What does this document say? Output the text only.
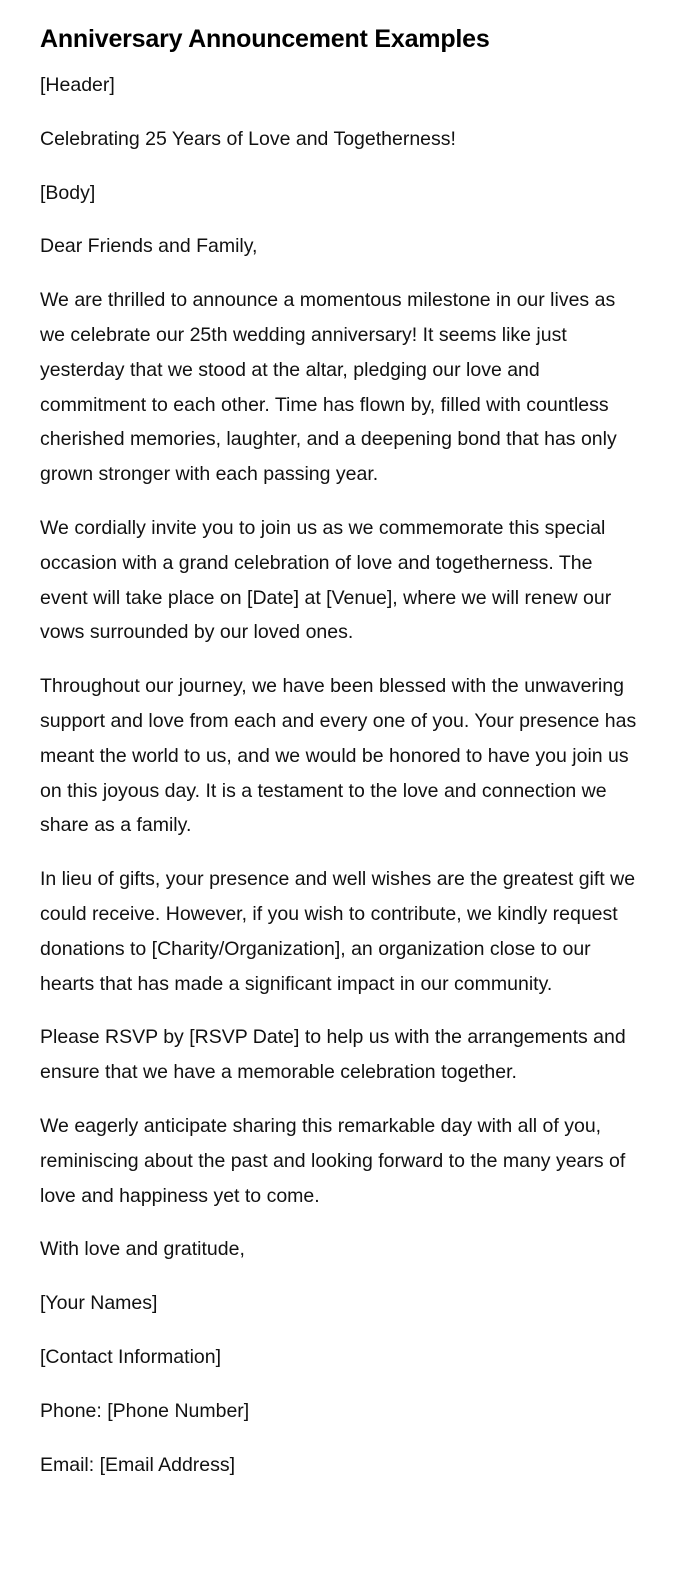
Anniversary Announcement Examples

[Header]

Celebrating 25 Years of Love and Togetherness!

[Body]

Dear Friends and Family,

We are thrilled to announce a momentous milestone in our lives as we celebrate our 25th wedding anniversary! It seems like just yesterday that we stood at the altar, pledging our love and commitment to each other. Time has flown by, filled with countless cherished memories, laughter, and a deepening bond that has only grown stronger with each passing year.

We cordially invite you to join us as we commemorate this special occasion with a grand celebration of love and togetherness. The event will take place on [Date] at [Venue], where we will renew our vows surrounded by our loved ones.

Throughout our journey, we have been blessed with the unwavering support and love from each and every one of you. Your presence has meant the world to us, and we would be honored to have you join us on this joyous day. It is a testament to the love and connection we share as a family.

In lieu of gifts, your presence and well wishes are the greatest gift we could receive. However, if you wish to contribute, we kindly request donations to [Charity/Organization], an organization close to our hearts that has made a significant impact in our community.

Please RSVP by [RSVP Date] to help us with the arrangements and ensure that we have a memorable celebration together.

We eagerly anticipate sharing this remarkable day with all of you, reminiscing about the past and looking forward to the many years of love and happiness yet to come.

With love and gratitude,

[Your Names]

[Contact Information]

Phone: [Phone Number]

Email: [Email Address]
